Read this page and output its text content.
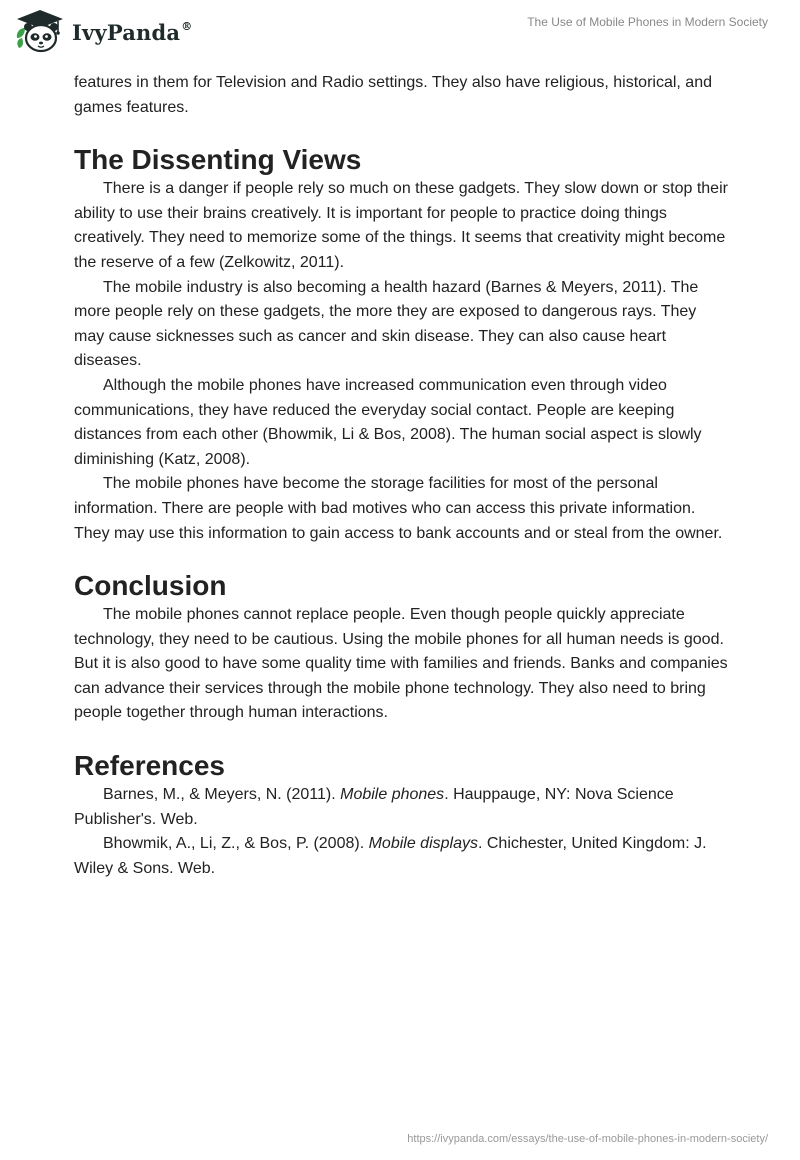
IvyPanda®	The Use of Mobile Phones in Modern Society

features in them for Television and Radio settings. They also have religious, historical, and games features.

The Dissenting Views

There is a danger if people rely so much on these gadgets. They slow down or stop their ability to use their brains creatively. It is important for people to practice doing things creatively. They need to memorize some of the things. It seems that creativity might become the reserve of a few (Zelkowitz, 2011).

The mobile industry is also becoming a health hazard (Barnes & Meyers, 2011). The more people rely on these gadgets, the more they are exposed to dangerous rays. They may cause sicknesses such as cancer and skin disease. They can also cause heart diseases.

Although the mobile phones have increased communication even through video communications, they have reduced the everyday social contact. People are keeping distances from each other (Bhowmik, Li & Bos, 2008). The human social aspect is slowly diminishing (Katz, 2008).

The mobile phones have become the storage facilities for most of the personal information. There are people with bad motives who can access this private information. They may use this information to gain access to bank accounts and or steal from the owner.

Conclusion

The mobile phones cannot replace people. Even though people quickly appreciate technology, they need to be cautious. Using the mobile phones for all human needs is good. But it is also good to have some quality time with families and friends. Banks and companies can advance their services through the mobile phone technology. They also need to bring people together through human interactions.

References

Barnes, M., & Meyers, N. (2011). Mobile phones. Hauppauge, NY: Nova Science Publisher's. Web.

Bhowmik, A., Li, Z., & Bos, P. (2008). Mobile displays. Chichester, United Kingdom: J. Wiley & Sons. Web.

https://ivypanda.com/essays/the-use-of-mobile-phones-in-modern-society/
